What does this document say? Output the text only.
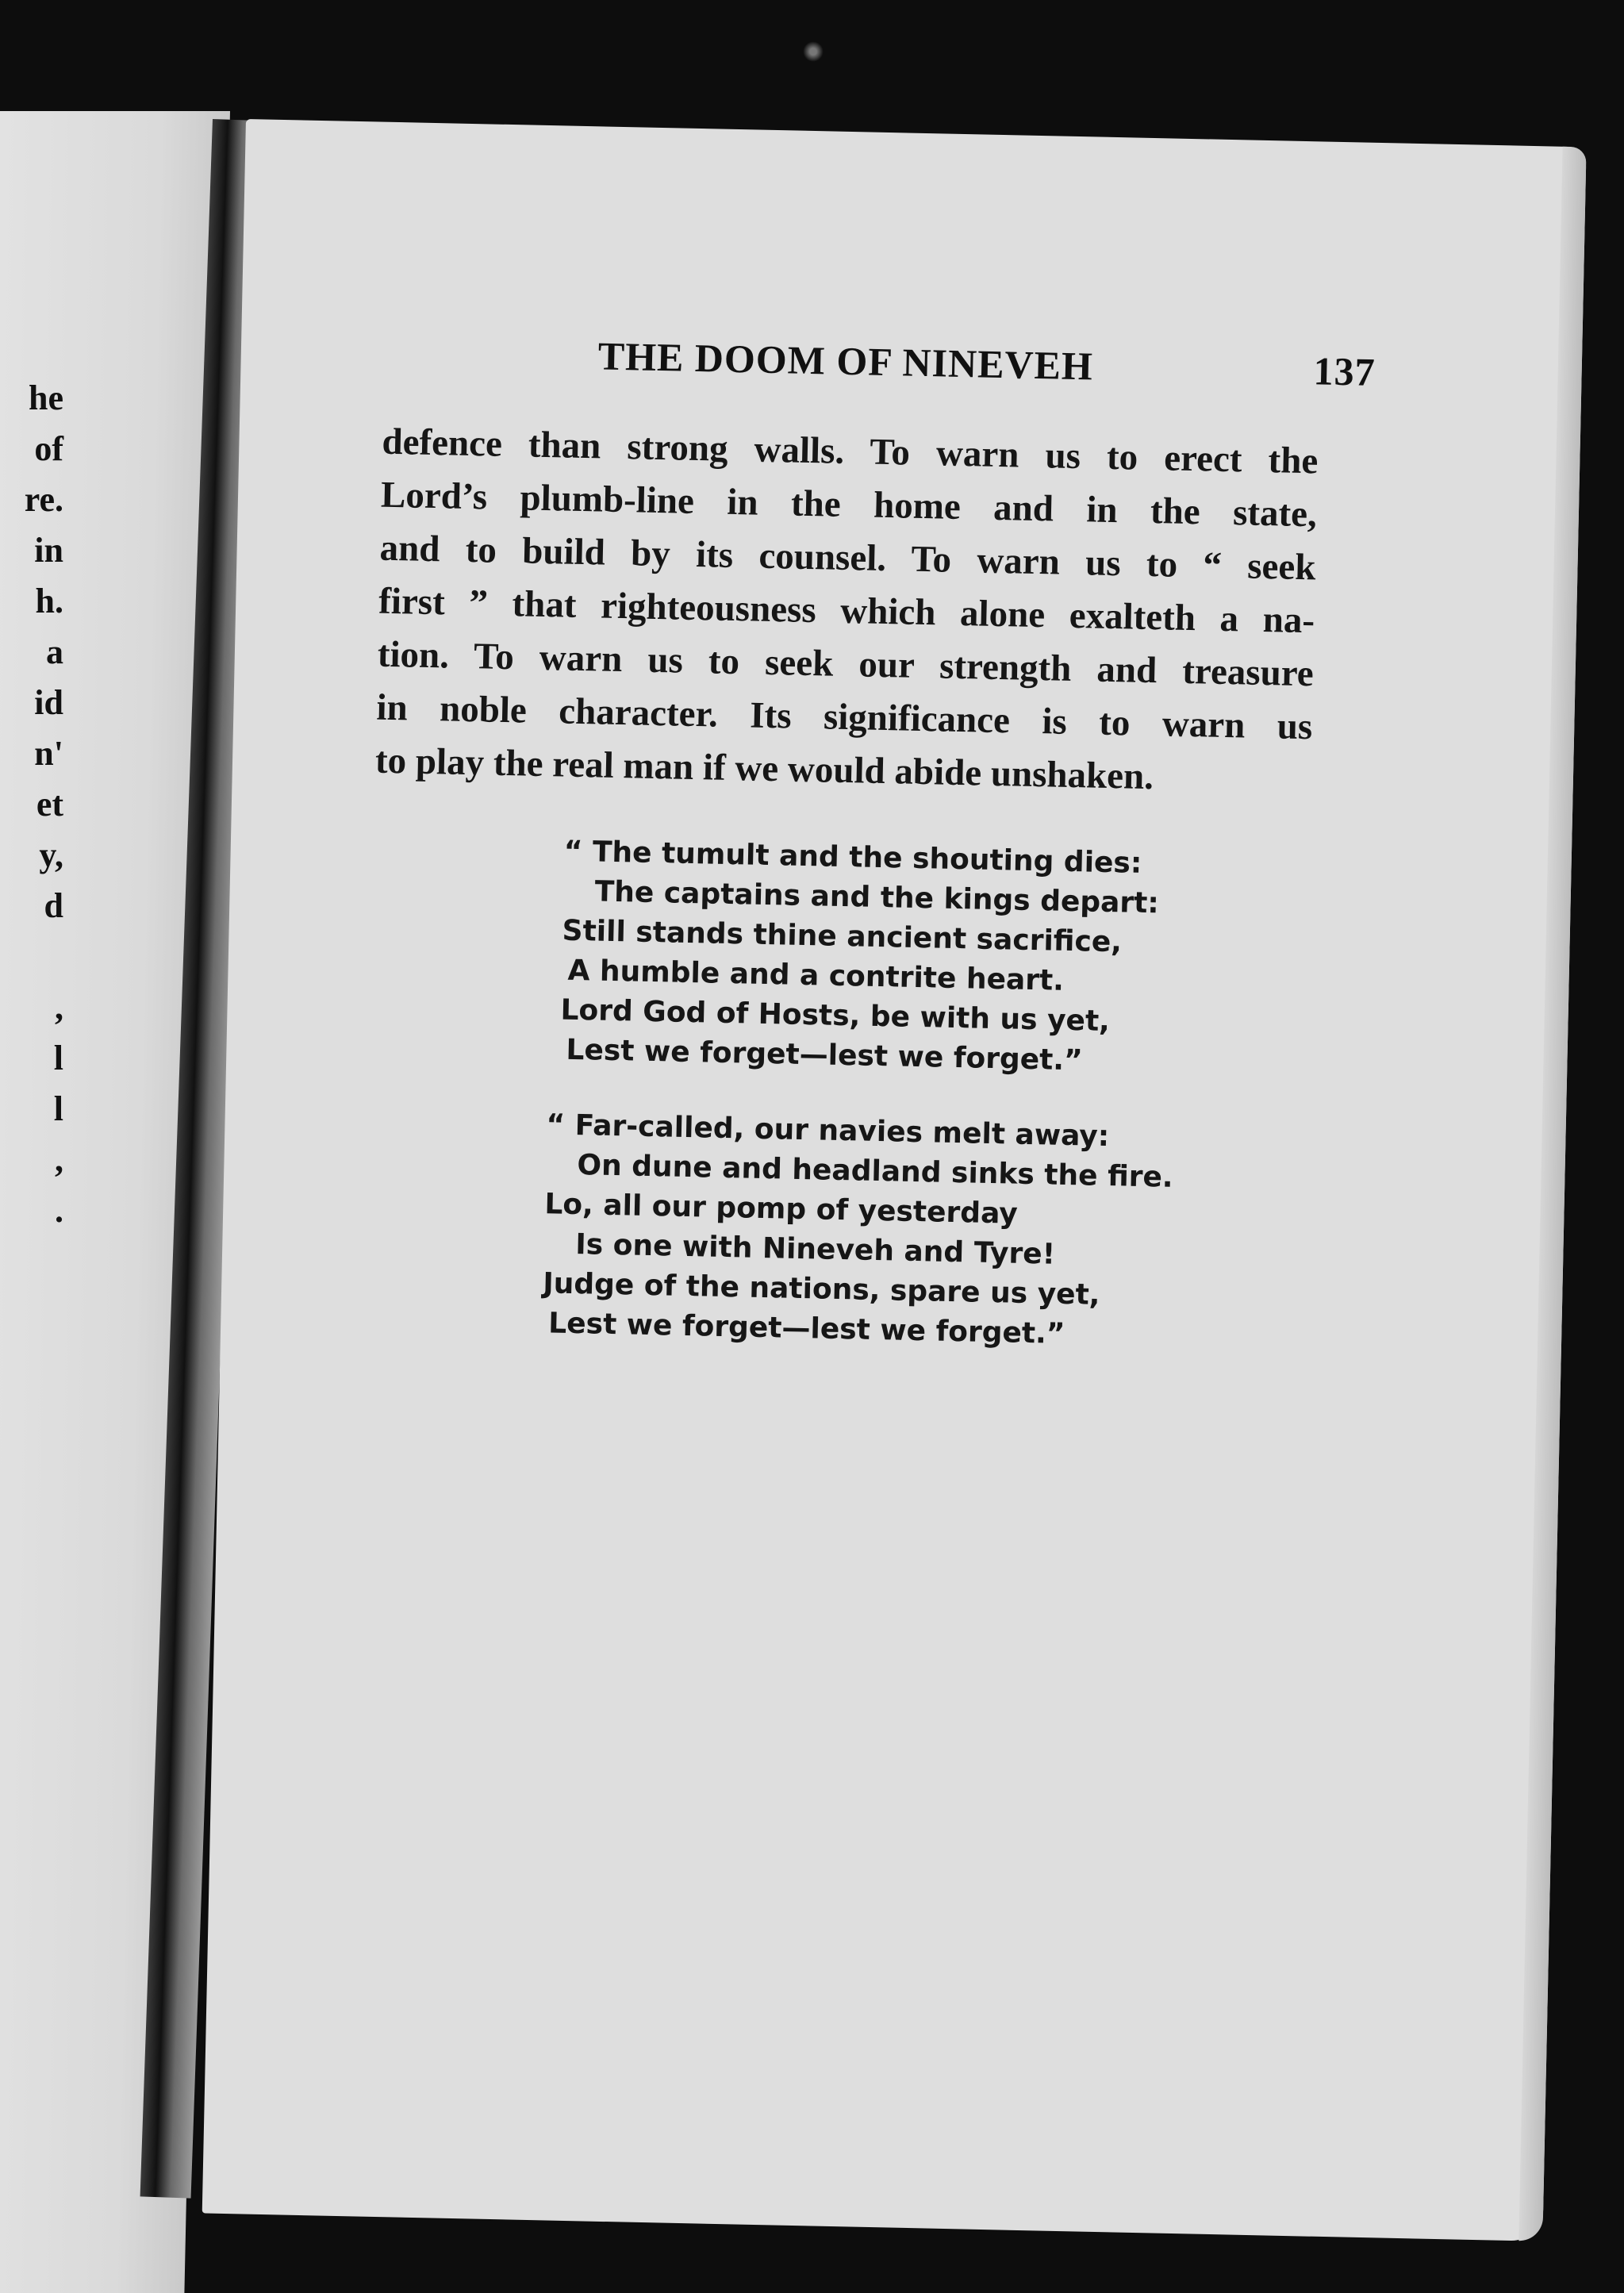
he
of
re.
in
h.
a
id
n'
et
y,
d
,
l
l
,
.
THE DOOM OF NINEVEH	137
defence than strong walls. To warn us to erect the
Lord’s plumb-line in the home and in the state,
and to build by its counsel. To warn us to “ seek
first ” that righteousness which alone exalteth a na-
tion. To warn us to seek our strength and treasure
in noble character. Its significance is to warn us
to play the real man if we would abide unshaken.
“ The tumult and the shouting dies:
The captains and the kings depart:
Still stands thine ancient sacrifice,
A humble and a contrite heart.
Lord God of Hosts, be with us yet,
Lest we forget—lest we forget.”
“ Far-called, our navies melt away:
On dune and headland sinks the fire.
Lo, all our pomp of yesterday
Is one with Nineveh and Tyre!
Judge of the nations, spare us yet,
Lest we forget—lest we forget.”
